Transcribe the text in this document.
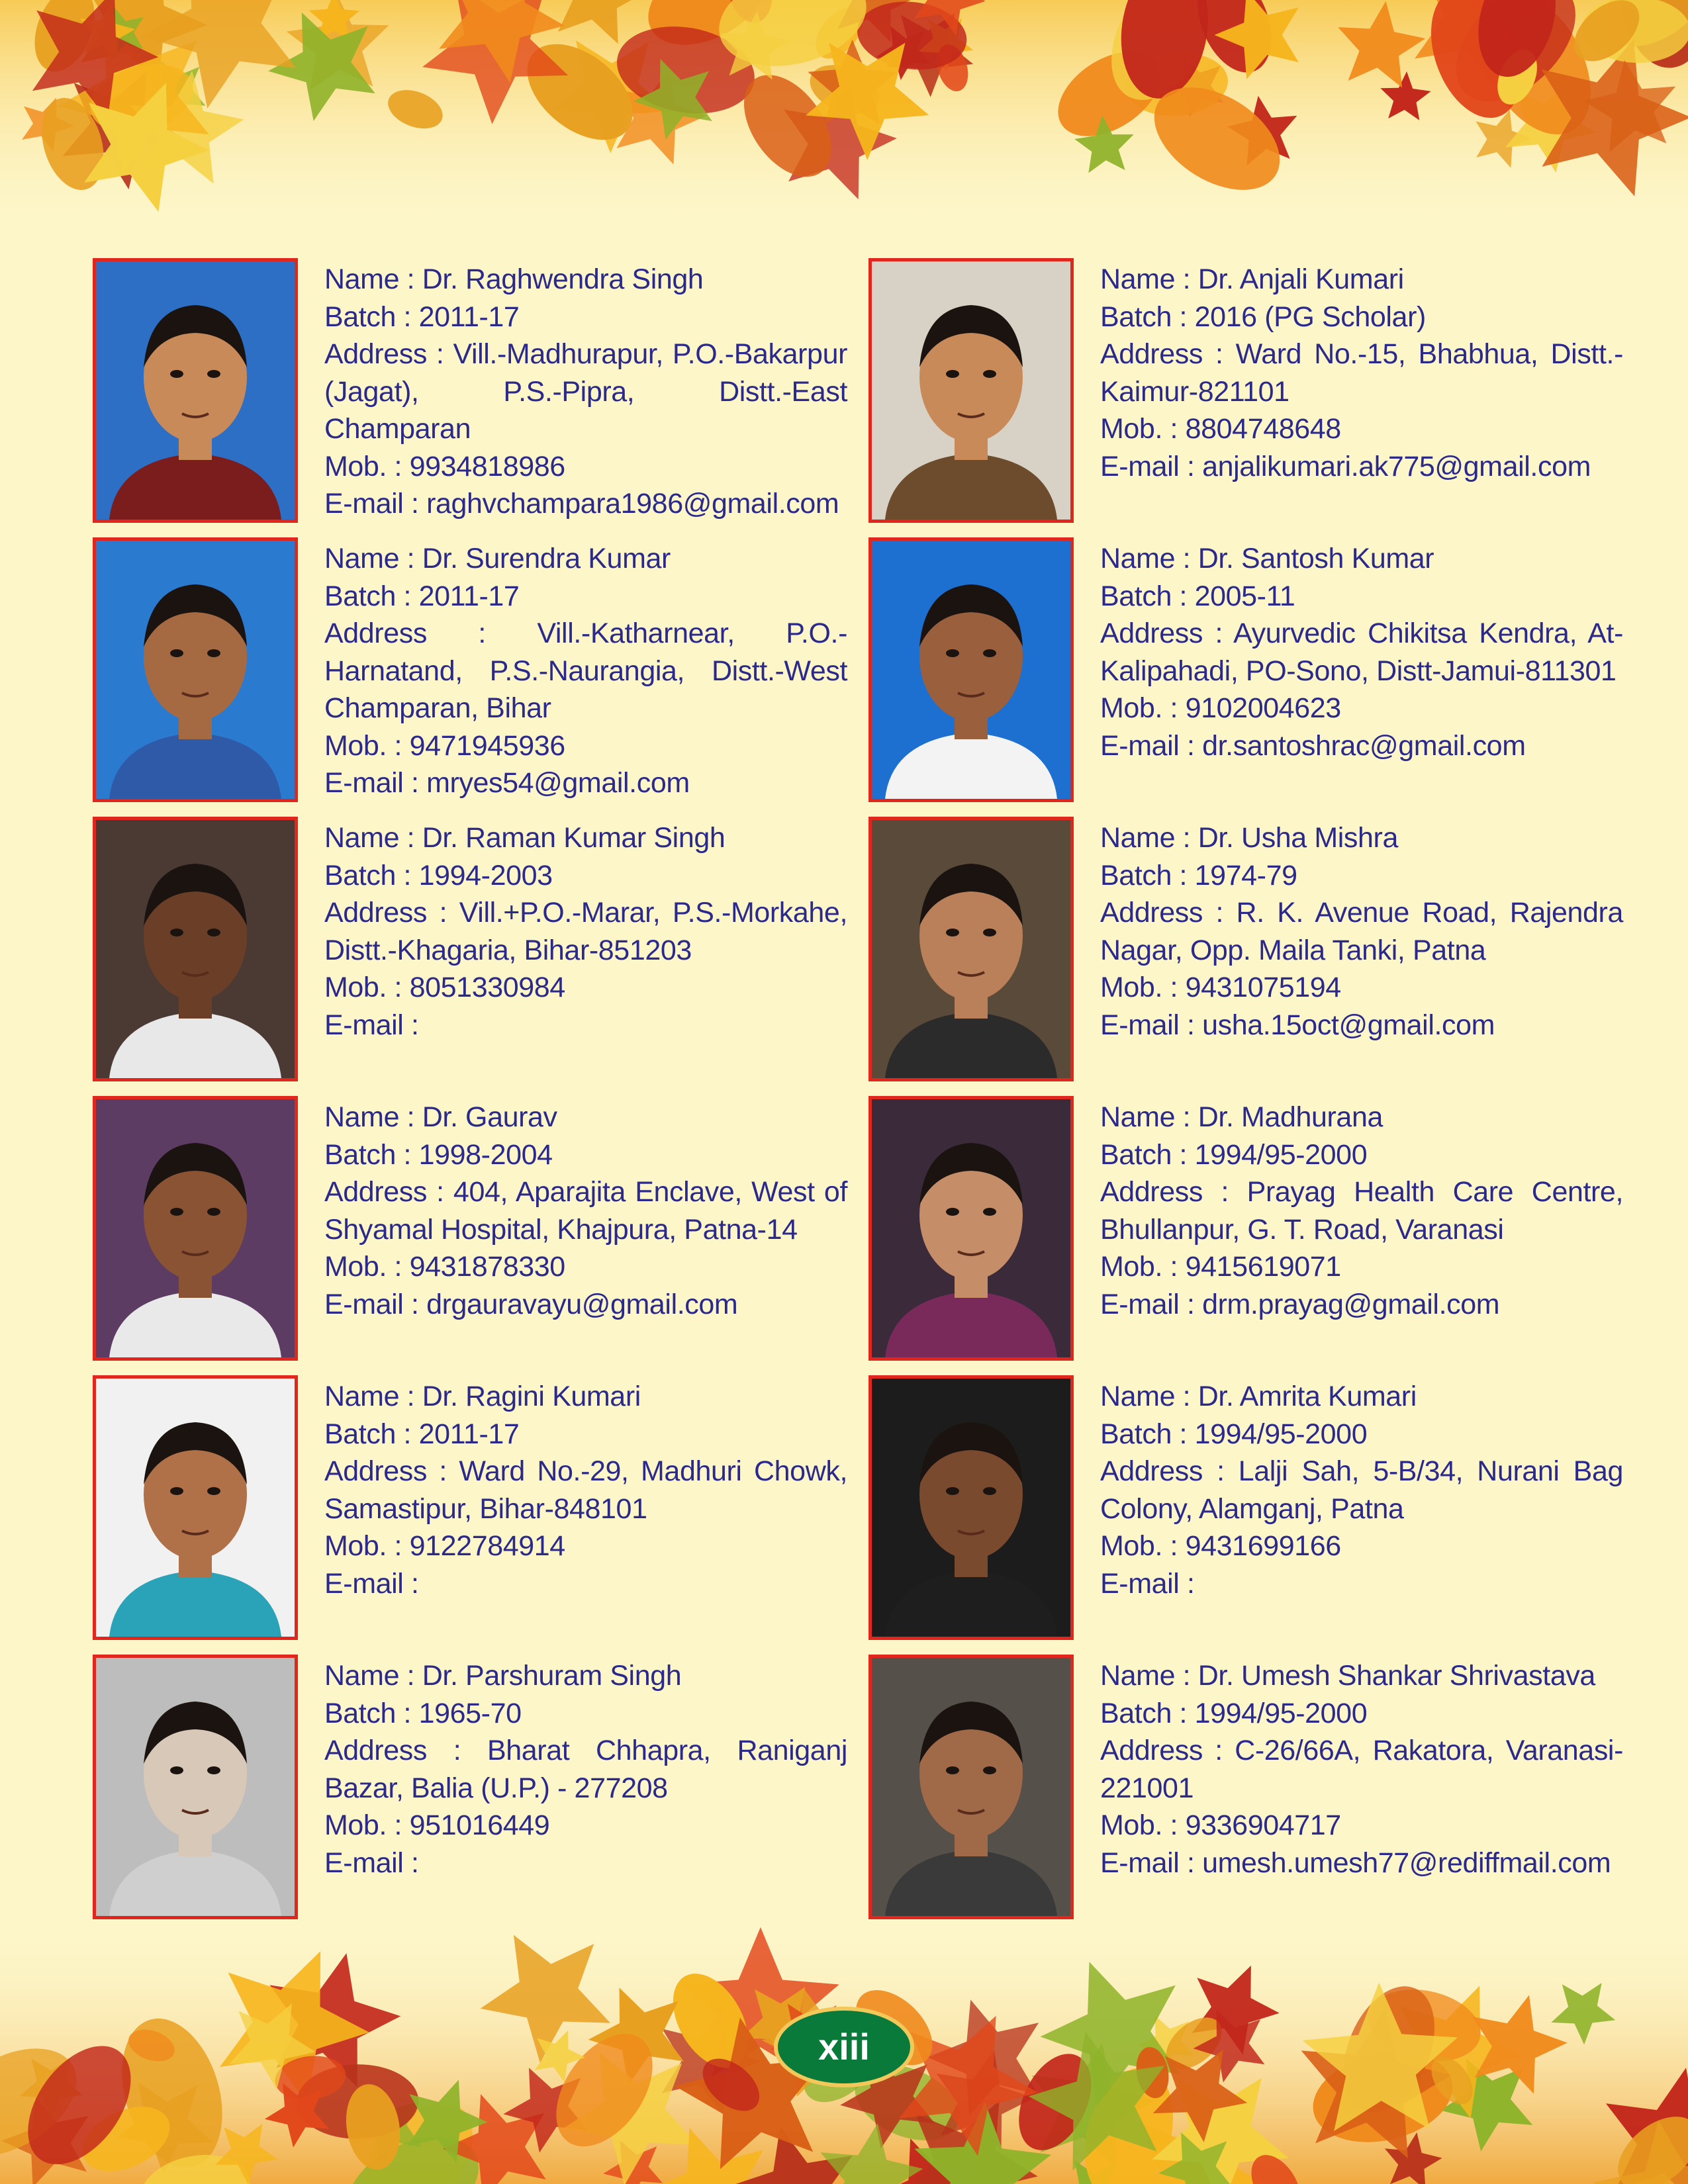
Name : Dr. Raghwendra Singh
Batch : 2011-17
Address : Vill.-Madhurapur, P.O.-Bakarpur (Jagat), P.S.-Pipra, Distt.-East Champaran
Mob. : 9934818986
E-mail : raghvchampara1986@gmail.com
Name : Dr. Surendra Kumar
Batch : 2011-17
Address : Vill.-Katharnear, P.O.-Harnatand, P.S.-Naurangia, Distt.-West Champaran, Bihar
Mob. : 9471945936
E-mail : mryes54@gmail.com
Name : Dr. Raman Kumar Singh
Batch : 1994-2003
Address : Vill.+P.O.-Marar, P.S.-Morkahe, Distt.-Khagaria, Bihar-851203
Mob. : 8051330984
E-mail :
Name : Dr. Gaurav
Batch : 1998-2004
Address : 404, Aparajita Enclave, West of Shyamal Hospital, Khajpura, Patna-14
Mob. : 9431878330
E-mail : drgauravayu@gmail.com
Name : Dr. Ragini Kumari
Batch : 2011-17
Address : Ward No.-29, Madhuri Chowk, Samastipur, Bihar-848101
Mob. : 9122784914
E-mail :
Name : Dr. Parshuram Singh
Batch : 1965-70
Address : Bharat Chhapra, Raniganj Bazar, Balia (U.P.) - 277208
Mob. : 951016449
E-mail :
Name : Dr. Anjali Kumari
Batch : 2016 (PG Scholar)
Address : Ward No.-15, Bhabhua, Distt.-Kaimur-821101
Mob. : 8804748648
E-mail : anjalikumari.ak775@gmail.com
Name : Dr. Santosh Kumar
Batch : 2005-11
Address : Ayurvedic Chikitsa Kendra, At-Kalipahadi, PO-Sono, Distt-Jamui-811301
Mob. : 9102004623
E-mail : dr.santoshrac@gmail.com
Name : Dr. Usha Mishra
Batch : 1974-79
Address : R. K. Avenue Road, Rajendra Nagar, Opp. Maila Tanki, Patna
Mob. : 9431075194
E-mail : usha.15oct@gmail.com
Name : Dr. Madhurana
Batch : 1994/95-2000
Address : Prayag Health Care Centre, Bhullanpur, G. T. Road, Varanasi
Mob. : 9415619071
E-mail : drm.prayag@gmail.com
Name : Dr. Amrita Kumari
Batch : 1994/95-2000
Address : Lalji Sah, 5-B/34, Nurani Bag Colony, Alamganj, Patna
Mob. : 9431699166
E-mail :
Name : Dr. Umesh Shankar Shrivastava
Batch : 1994/95-2000
Address : C-26/66A, Rakatora, Varanasi-221001
Mob. : 9336904717
E-mail : umesh.umesh77@rediffmail.com
xiii
